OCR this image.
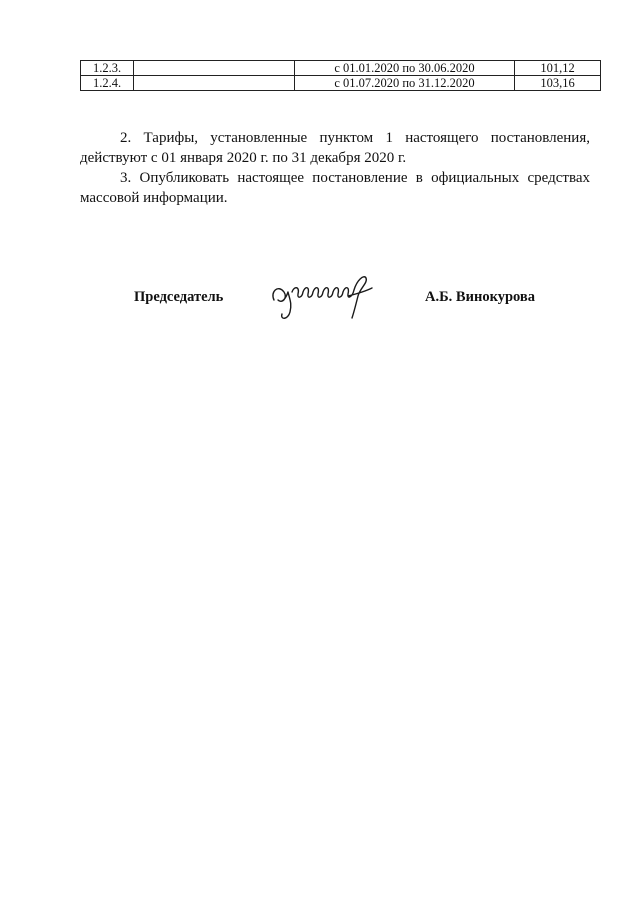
1.2.3.		с 01.01.2020 по 30.06.2020	101,12
1.2.4.		с 01.07.2020 по 31.12.2020	103,16

2. Тарифы, установленные пунктом 1 настоящего постановления, действуют с 01 января 2020 г. по 31 декабря 2020 г.

3. Опубликовать настоящее постановление в официальных средствах массовой информации.

Председатель	А.Б. Винокурова
